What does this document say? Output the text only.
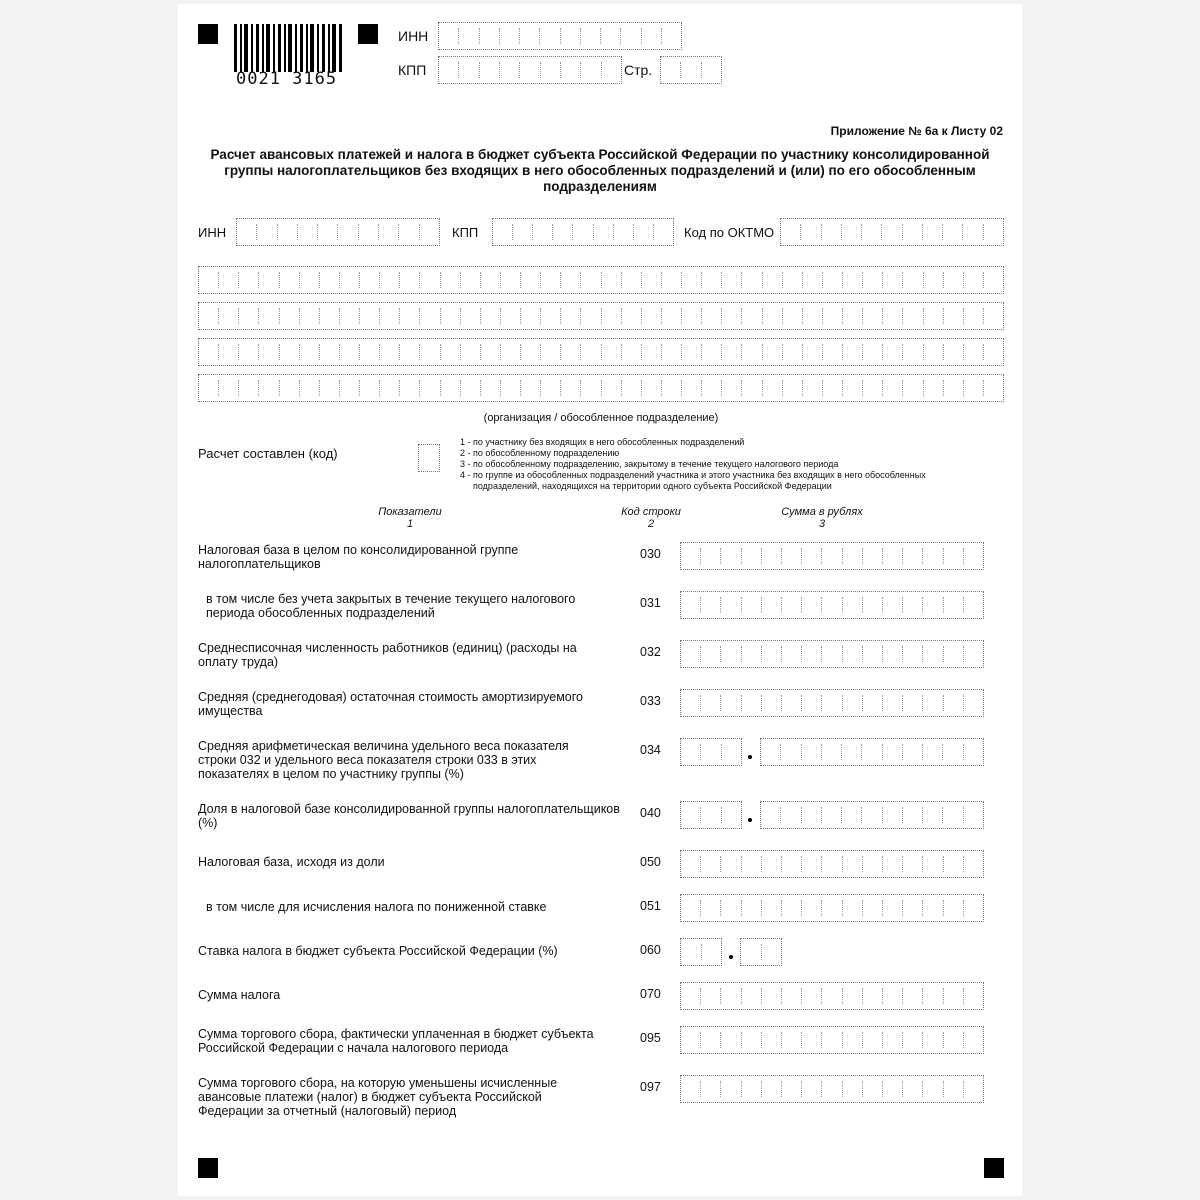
0021 3165
ИНН
КПП	Стр.
Приложение № 6а к Листу 02
Расчет авансовых платежей и налога в бюджет субъекта Российской Федерации по участнику консолидированной группы налогоплательщиков без входящих в него обособленных подразделений и (или) по его обособленным подразделениям
ИНН	КПП	Код по ОКТМО
(организация / обособленное подразделение)
Расчет составлен (код)
1 - по участнику без входящих в него обособленных подразделений
2 - по обособленному подразделению
3 - по обособленному подразделению, закрытому в течение текущего налогового периода
4 - по группе из обособленных подразделений участника и этого участника без входящих в него обособленных
подразделений, находящихся на территории одного субъекта Российской Федерации
Показатели
1
Код строки
2
Сумма в рублях
3
Налоговая база в целом по консолидированной группе налогоплательщиков
030
в том числе без учета закрытых в течение текущего налогового периода обособленных подразделений
031
Среднесписочная численность работников (единиц) (расходы на оплату труда)
032
Средняя (среднегодовая) остаточная стоимость амортизируемого имущества
033
Средняя арифметическая величина удельного веса показателя строки 032 и удельного веса показателя строки 033 в этих показателях в целом по участнику группы (%)
034
Доля в налоговой базе консолидированной группы налогоплательщиков (%)
040
Налоговая база, исходя из доли	050
в том числе для исчисления налога по пониженной ставке	051
Ставка налога в бюджет субъекта Российской Федерации (%)	060
Сумма налога	070
Сумма торгового сбора, фактически уплаченная в бюджет субъекта Российской Федерации с начала налогового периода
095
Сумма торгового сбора, на которую уменьшены исчисленные авансовые платежи (налог) в бюджет субъекта Российской Федерации за отчетный (налоговый) период
097
